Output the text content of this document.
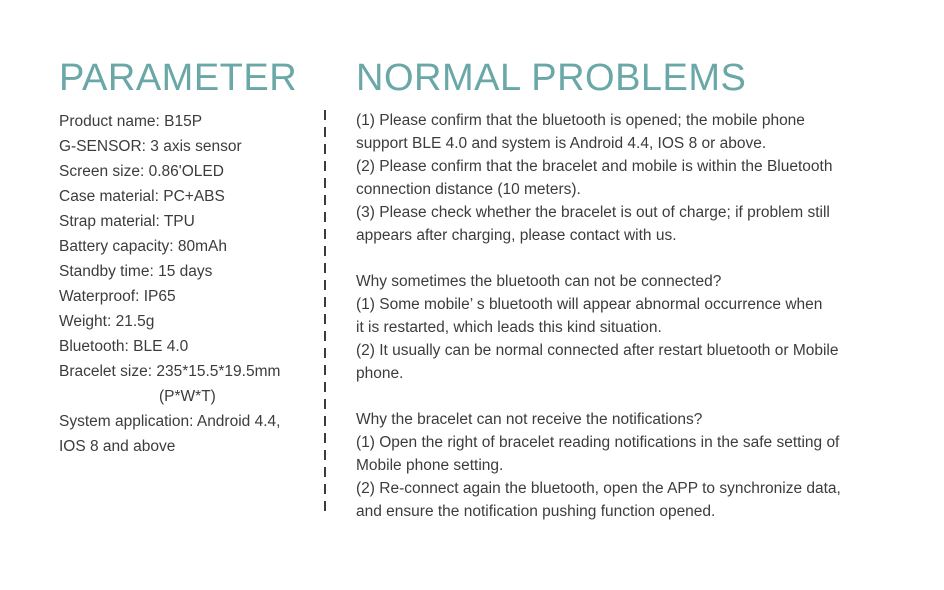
PARAMETER NORMAL PROBLEMS
Product name: B15P
G-SENSOR: 3 axis sensor
Screen size: 0.86'OLED
Case material: PC+ABS
Strap material: TPU
Battery capacity: 80mAh
Standby time: 15 days
Waterproof: IP65
Weight: 21.5g
Bluetooth: BLE 4.0
Bracelet size: 235*15.5*19.5mm
(P*W*T)
System application: Android 4.4,
IOS 8 and above
(1) Please confirm that the bluetooth is opened; the mobile phone
support BLE 4.0 and system is Android 4.4, IOS 8 or above.
(2) Please confirm that the bracelet and mobile is within the Bluetooth
connection distance (10 meters).
(3) Please check whether the bracelet is out of charge; if problem still
appears after charging, please contact with us.
Why sometimes the bluetooth can not be connected?
(1) Some mobile’ s bluetooth will appear abnormal occurrence when
it is restarted, which leads this kind situation.
(2) It usually can be normal connected after restart bluetooth or Mobile
phone.
Why the bracelet can not receive the notifications?
(1) Open the right of bracelet reading notifications in the safe setting of
Mobile phone setting.
(2) Re-connect again the bluetooth, open the APP to synchronize data,
and ensure the notification pushing function opened.
